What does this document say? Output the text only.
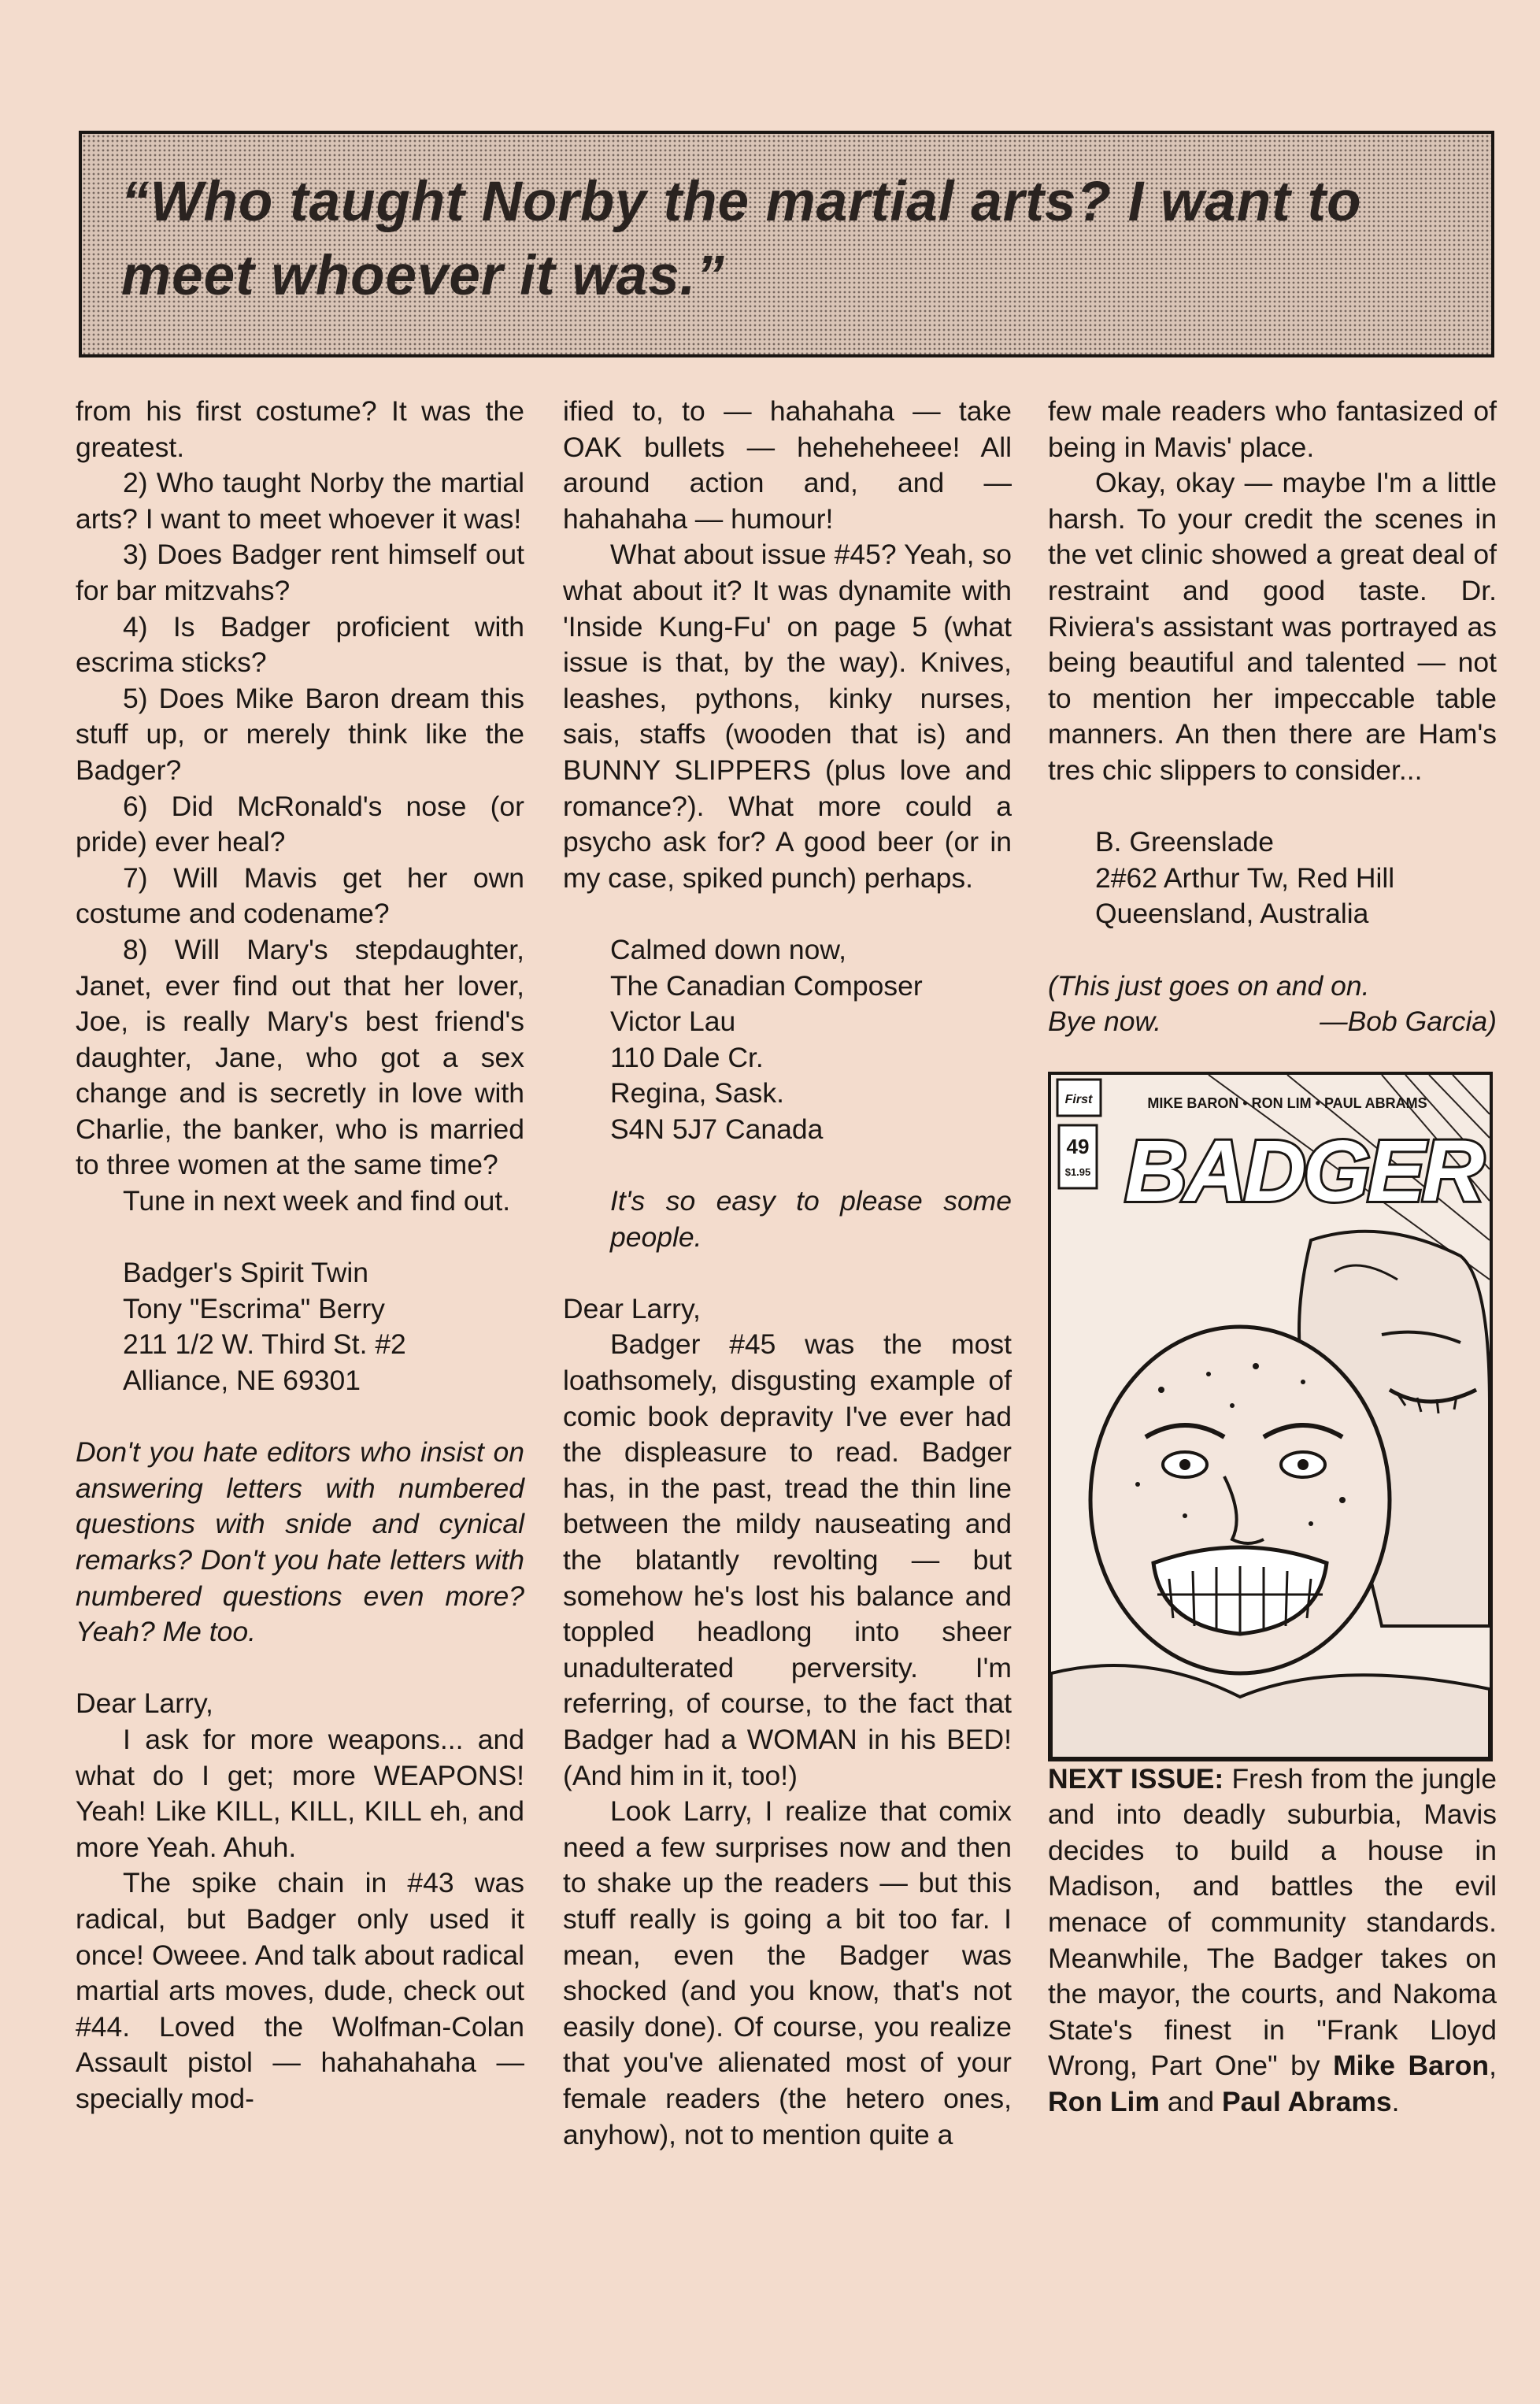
“Who taught Norby the martial arts? I want to meet whoever it was.”

from his first costume? It was the greatest.

2) Who taught Norby the martial arts? I want to meet whoever it was!

3) Does Badger rent himself out for bar mitzvahs?

4) Is Badger proficient with escrima sticks?

5) Does Mike Baron dream this stuff up, or merely think like the Badger?

6) Did McRonald's nose (or pride) ever heal?

7) Will Mavis get her own costume and codename?

8) Will Mary's stepdaughter, Janet, ever find out that her lover, Joe, is really Mary's best friend's daughter, Jane, who got a sex change and is secretly in love with Charlie, the banker, who is married to three women at the same time?

Tune in next week and find out.

Badger's Spirit Twin
Tony "Escrima" Berry
211 1/2 W. Third St. #2
Alliance, NE 69301

Don't you hate editors who insist on answering letters with numbered questions with snide and cynical remarks? Don't you hate letters with numbered questions even more? Yeah? Me too.

Dear Larry,

I ask for more weapons... and what do I get; more WEAPONS! Yeah! Like KILL, KILL, KILL eh, and more Yeah. Ahuh.

The spike chain in #43 was radical, but Badger only used it once! Oweee. And talk about radical martial arts moves, dude, check out #44. Loved the Wolfman-Colan Assault pistol — hahahahaha — specially mod-

ified to, to — hahahaha — take OAK bullets — heheheheee! All around action and, and — hahahaha — humour!

What about issue #45? Yeah, so what about it? It was dynamite with 'Inside Kung-Fu' on page 5 (what issue is that, by the way). Knives, leashes, pythons, kinky nurses, sais, staffs (wooden that is) and BUNNY SLIPPERS (plus love and romance?). What more could a psycho ask for? A good beer (or in my case, spiked punch) perhaps.

Calmed down now,
The Canadian Composer
Victor Lau
110 Dale Cr.
Regina, Sask.
S4N 5J7 Canada

It's so easy to please some people.

Dear Larry,

Badger #45 was the most loathsomely, disgusting example of comic book depravity I've ever had the displeasure to read. Badger has, in the past, tread the thin line between the mildy nauseating and the blatantly revolting — but somehow he's lost his balance and toppled headlong into sheer unadulterated perversity. I'm referring, of course, to the fact that Badger had a WOMAN in his BED! (And him in it, too!)

Look Larry, I realize that comix need a few surprises now and then to shake up the readers — but this stuff really is going a bit too far. I mean, even the Badger was shocked (and you know, that's not easily done). Of course, you realize that you've alienated most of your female readers (the hetero ones, anyhow), not to mention quite a

few male readers who fantasized of being in Mavis' place.

Okay, okay — maybe I'm a little harsh. To your credit the scenes in the vet clinic showed a great deal of restraint and good taste. Dr. Riviera's assistant was portrayed as being beautiful and talented — not to mention her impeccable table manners. An then there are Ham's tres chic slippers to consider...

B. Greenslade
2#62 Arthur Tw, Red Hill
Queensland, Australia

(This just goes on and on.

Bye now.	—Bob Garcia)

First	MIKE BARON • RON LIM • PAUL ABRAMS
49
$1.95 BADGER

NEXT ISSUE: Fresh from the jungle and into deadly suburbia, Mavis decides to build a house in Madison, and battles the evil menace of community standards. Meanwhile, The Badger takes on the mayor, the courts, and Nakoma State's finest in "Frank Lloyd Wrong, Part One" by Mike Baron, Ron Lim and Paul Abrams.
